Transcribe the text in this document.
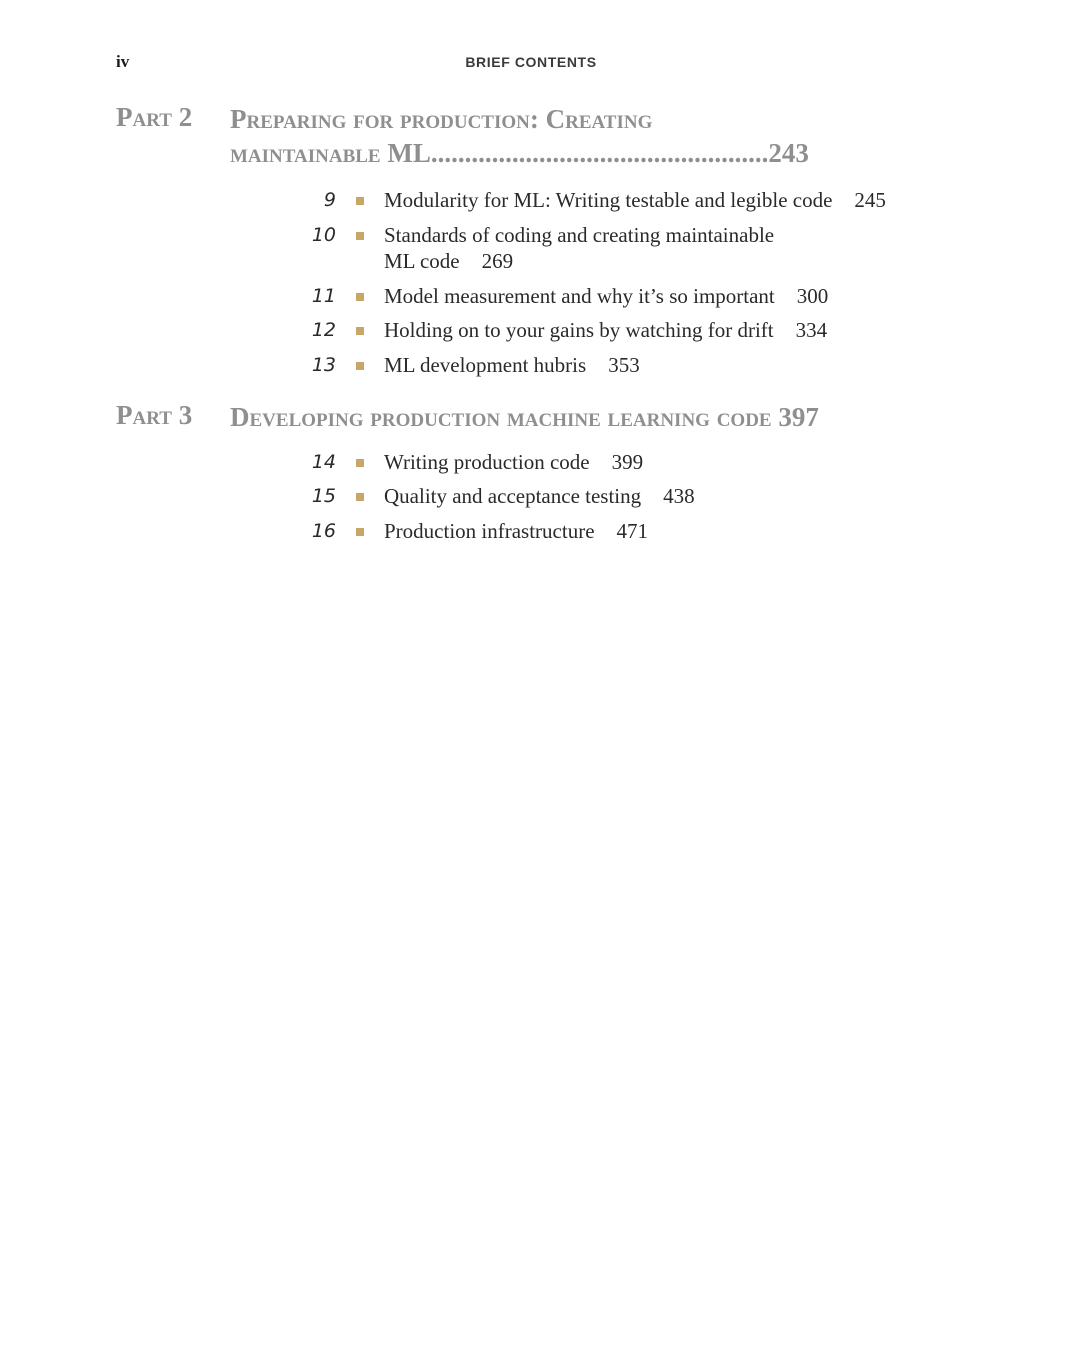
iv	BRIEF CONTENTS
Part 2 Preparing for production: Creating
maintainable ML..................................................243
9 Modularity for ML: Writing testable and legible code 245
10 Standards of coding and creating maintainable
ML code 269
11 Model measurement and why it’s so important 300
12 Holding on to your gains by watching for drift 334
13 ML development hubris 353
Part 3 Developing production machine learning code 397
14 Writing production code 399
15 Quality and acceptance testing 438
16 Production infrastructure 471
